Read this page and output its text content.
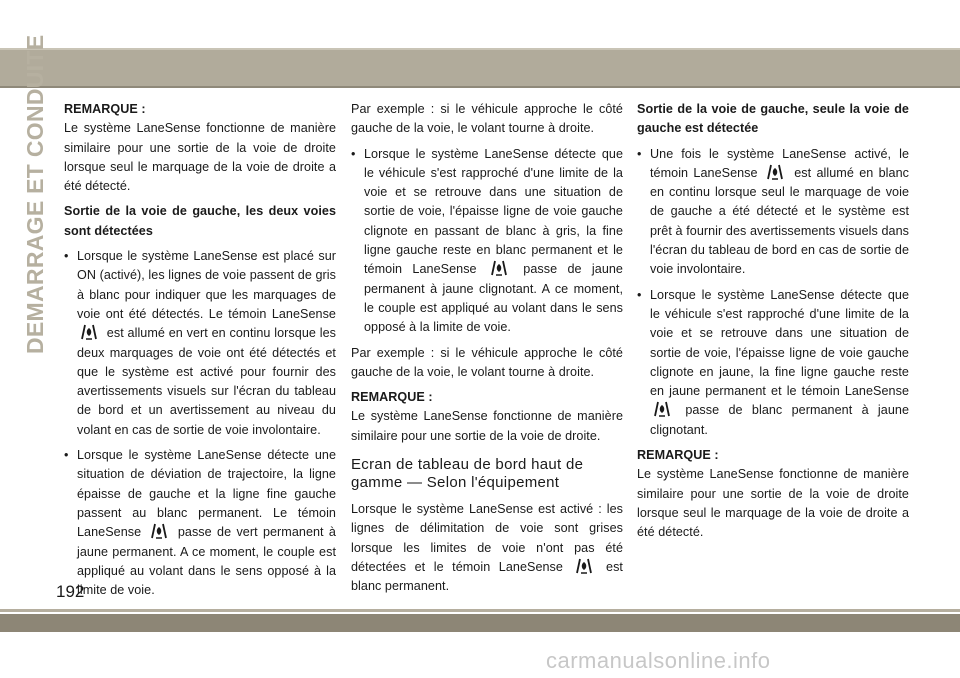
DEMARRAGE ET CONDUITE REMARQUE :

Le système LaneSense fonctionne de manière similaire pour une sortie de la voie de droite lorsque seul le marquage de la voie de droite a été détecté.

Sortie de la voie de gauche, les deux voies sont détectées

• Lorsque le système LaneSense est placé sur ON (activé), les lignes de voie passent de gris à blanc pour indiquer que les marquages de voie ont été détectés. Le témoin LaneSense  est allumé en vert en continu lorsque les deux marquages de voie ont été détectés et que le système est activé pour fournir des avertissements visuels sur l'écran du tableau de bord et un avertissement au niveau du volant en cas de sortie de voie involontaire.
• Lorsque le système LaneSense détecte une situation de déviation de trajectoire, la ligne épaisse de gauche et la ligne fine gauche passent au blanc permanent. Le témoin LaneSense	passe de vert permanent à jaune permanent. A ce moment, le couple est appliqué au volant dans le sens opposé à la limite de voie.

Par exemple : si le véhicule approche le côté gauche de la voie, le volant tourne à droite.

• Lorsque le système LaneSense détecte que le véhicule s'est rapproché d'une limite de la voie et se retrouve dans une situation de sortie de voie, l'épaisse ligne de voie gauche clignote en passant de blanc à gris, la fine ligne gauche reste en blanc permanent et le témoin LaneSense	passe de jaune permanent à jaune clignotant. A ce moment, le couple est appliqué au volant dans le sens opposé à la limite de voie.

Par exemple : si le véhicule approche le côté gauche de la voie, le volant tourne à droite.

REMARQUE :

Le système LaneSense fonctionne de manière similaire pour une sortie de la voie de droite.

Ecran de tableau de bord haut de gamme — Selon l'équipement

Lorsque le système LaneSense est activé : les lignes de délimitation de voie sont grises lorsque les limites de voie n'ont pas été détectées et le témoin LaneSense	est blanc permanent.

Sortie de la voie de gauche, seule la voie de gauche est détectée

• Une fois le système LaneSense activé, le témoin LaneSense	est allumé en blanc en continu lorsque seul le marquage de voie de gauche a été détecté et le système est prêt à fournir des avertissements visuels dans l'écran du tableau de bord en cas de sortie de voie involontaire.
• Lorsque le système LaneSense détecte que le véhicule s'est rapproché d'une limite de la voie et se retrouve dans une situation de sortie de voie, l'épaisse ligne de voie gauche clignote en jaune, la fine ligne gauche reste en jaune permanent et le témoin LaneSense  passe de blanc permanent à jaune clignotant.

REMARQUE :

Le système LaneSense fonctionne de manière similaire pour une sortie de la voie de droite lorsque seul le marquage de la voie de droite a été détecté.

192
carmanualsonline.info
